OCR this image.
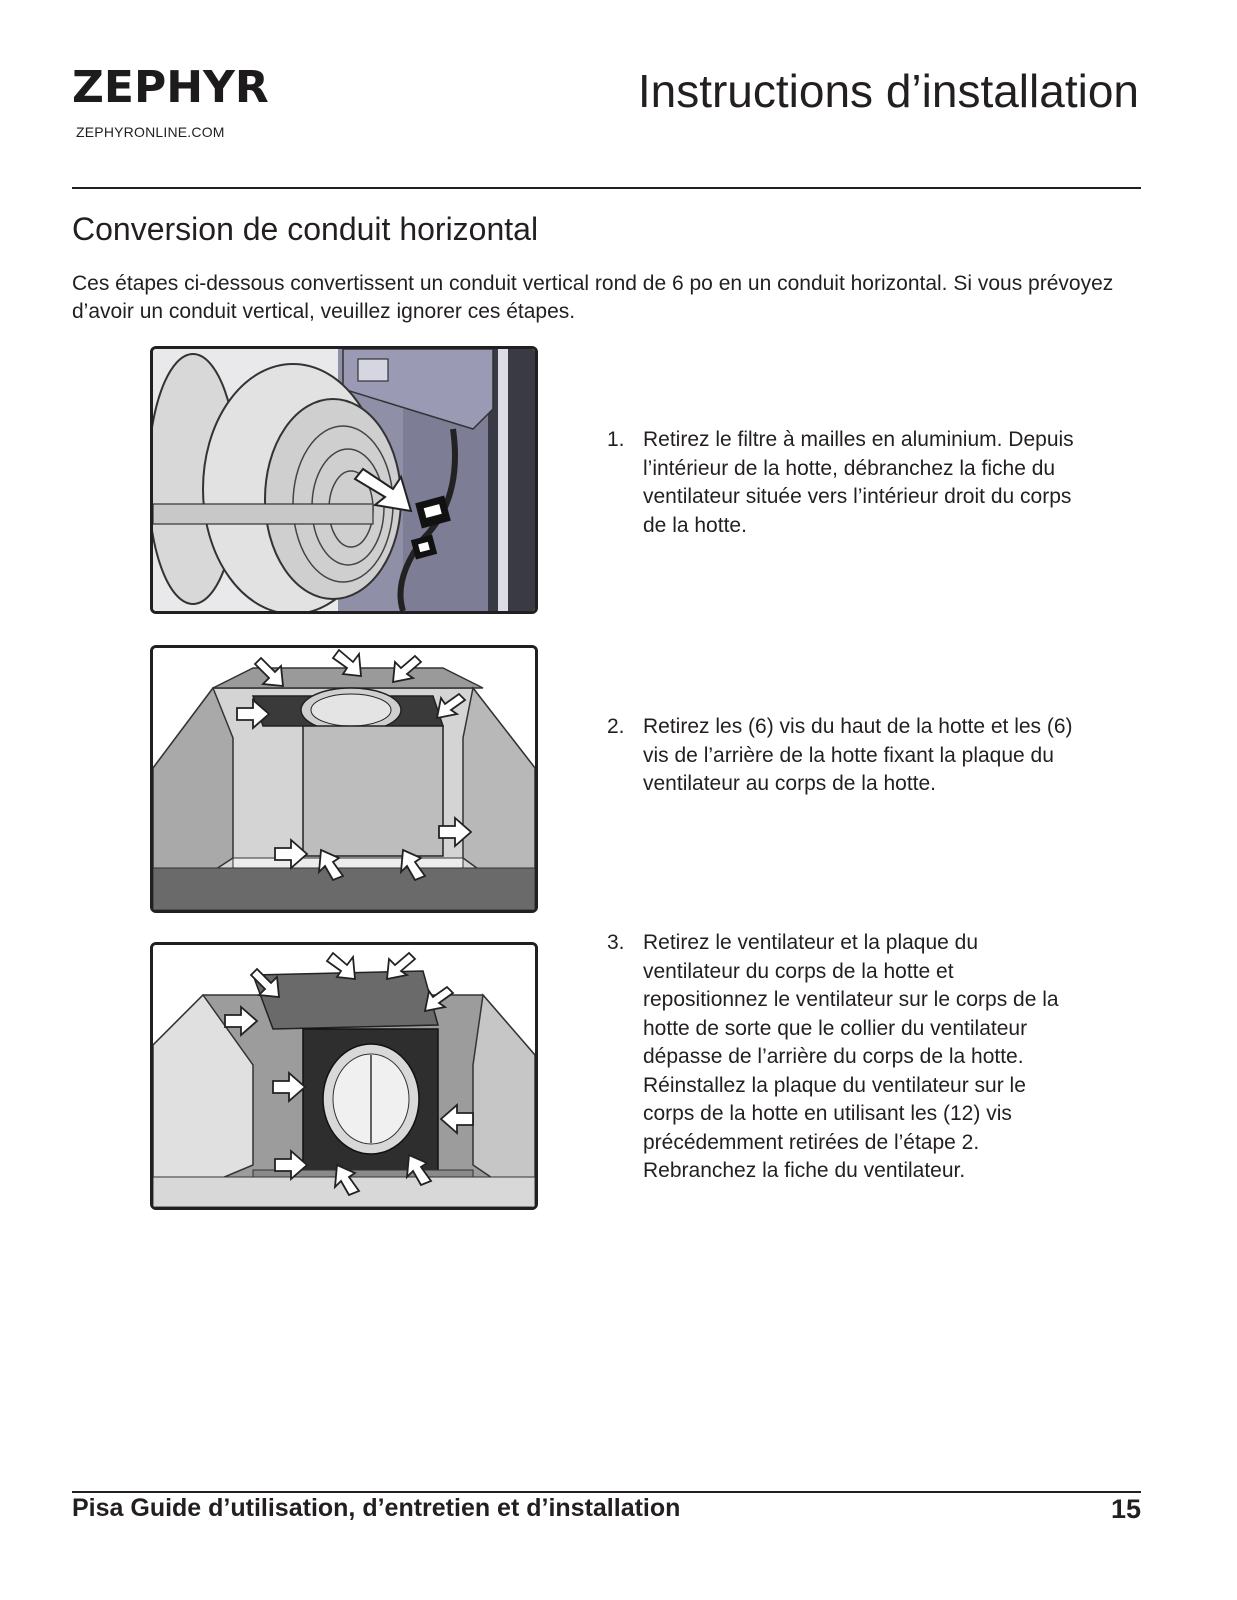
ZEPHYR
ZEPHYRONLINE.COM
Instructions d’installation
Conversion de conduit horizontal
Ces étapes ci-dessous convertissent un conduit vertical rond de 6 po en un conduit horizontal. Si vous prévoyez d’avoir un conduit vertical, veuillez ignorer ces étapes.
1. Retirez le filtre à mailles en aluminium. Depuis l’intérieur de la hotte, débranchez la fiche du ventilateur située vers l’intérieur droit du corps de la hotte.
2. Retirez les (6) vis du haut de la hotte et les (6) vis de l’arrière de la hotte fixant la plaque du ventilateur au corps de la hotte.
3. Retirez le ventilateur et la plaque du ventilateur du corps de la hotte et repositionnez le ventilateur sur le corps de la hotte de sorte que le collier du ventilateur dépasse de l’arrière du corps de la hotte. Réinstallez la plaque du ventilateur sur le corps de la hotte en utilisant les (12) vis précédemment retirées de l’étape 2. Rebranchez la fiche du ventilateur.
Pisa Guide d’utilisation, d’entretien et d’installation	15
